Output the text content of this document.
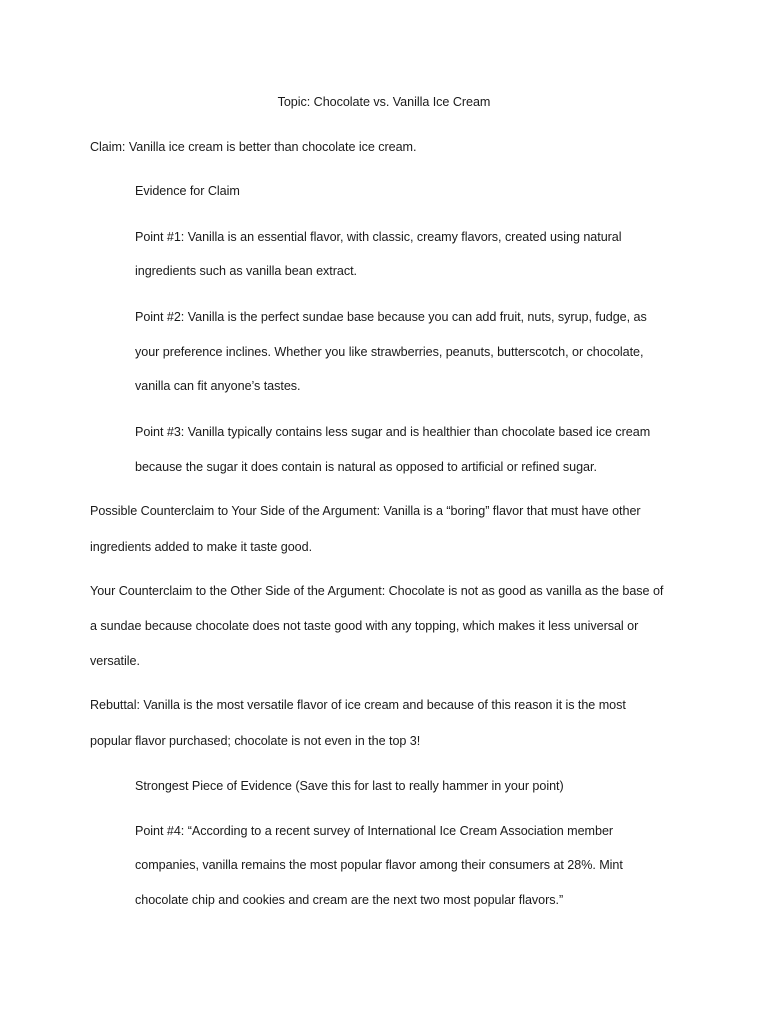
Topic: Chocolate vs. Vanilla Ice Cream
Claim: Vanilla ice cream is better than chocolate ice cream.
Evidence for Claim
Point #1: Vanilla is an essential flavor, with classic, creamy flavors, created using natural
ingredients such as vanilla bean extract.
Point #2: Vanilla is the perfect sundae base because you can add fruit, nuts, syrup, fudge, as
your preference inclines. Whether you like strawberries, peanuts, butterscotch, or chocolate,
vanilla can fit anyone’s tastes.
Point #3: Vanilla typically contains less sugar and is healthier than chocolate based ice cream
because the sugar it does contain is natural as opposed to artificial or refined sugar.
Possible Counterclaim to Your Side of the Argument: Vanilla is a “boring” flavor that must have other
ingredients added to make it taste good.
Your Counterclaim to the Other Side of the Argument: Chocolate is not as good as vanilla as the base of
a sundae because chocolate does not taste good with any topping, which makes it less universal or
versatile.
Rebuttal: Vanilla is the most versatile flavor of ice cream and because of this reason it is the most
popular flavor purchased; chocolate is not even in the top 3!
Strongest Piece of Evidence (Save this for last to really hammer in your point)
Point #4: “According to a recent survey of International Ice Cream Association member
companies, vanilla remains the most popular flavor among their consumers at 28%. Mint
chocolate chip and cookies and cream are the next two most popular flavors.”
